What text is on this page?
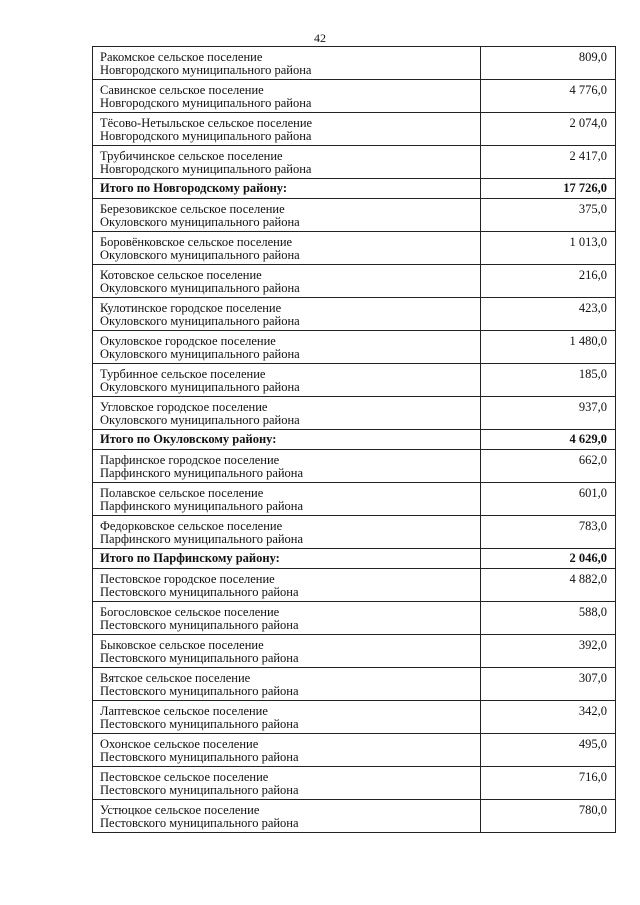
42
Ракомское сельское поселение
Новгородского муниципального района	809,0

Савинское сельское поселение
Новгородского муниципального района	4 776,0

Тёсово-Нетыльское сельское поселение
Новгородского муниципального района	2 074,0

Трубичинское сельское поселение
Новгородского муниципального района	2 417,0
Итого по Новгородскому району:	17 726,0

Березовикское сельское поселение
Окуловского муниципального района	375,0

Боровёнковское сельское поселение
Окуловского муниципального района	1 013,0

Котовское сельское поселение
Окуловского муниципального района	216,0

Кулотинское городское поселение
Окуловского муниципального района	423,0

Окуловское городское поселение
Окуловского муниципального района	1 480,0

Турбинное сельское поселение
Окуловского муниципального района	185,0

Угловское городское поселение
Окуловского муниципального района	937,0
Итого по Окуловскому району:	4 629,0

Парфинское городское поселение
Парфинского муниципального района	662,0

Полавское сельское поселение
Парфинского муниципального района	601,0

Федорковское сельское поселение
Парфинского муниципального района	783,0
Итого по Парфинскому району:	2 046,0

Пестовское городское поселение
Пестовского муниципального района	4 882,0

Богословское сельское поселение
Пестовского муниципального района	588,0

Быковское сельское поселение
Пестовского муниципального района	392,0

Вятское сельское поселение
Пестовского муниципального района	307,0

Лаптевское сельское поселение
Пестовского муниципального района	342,0

Охонское сельское поселение
Пестовского муниципального района	495,0

Пестовское сельское поселение
Пестовского муниципального района	716,0

Устюцкое сельское поселение
Пестовского муниципального района	780,0
